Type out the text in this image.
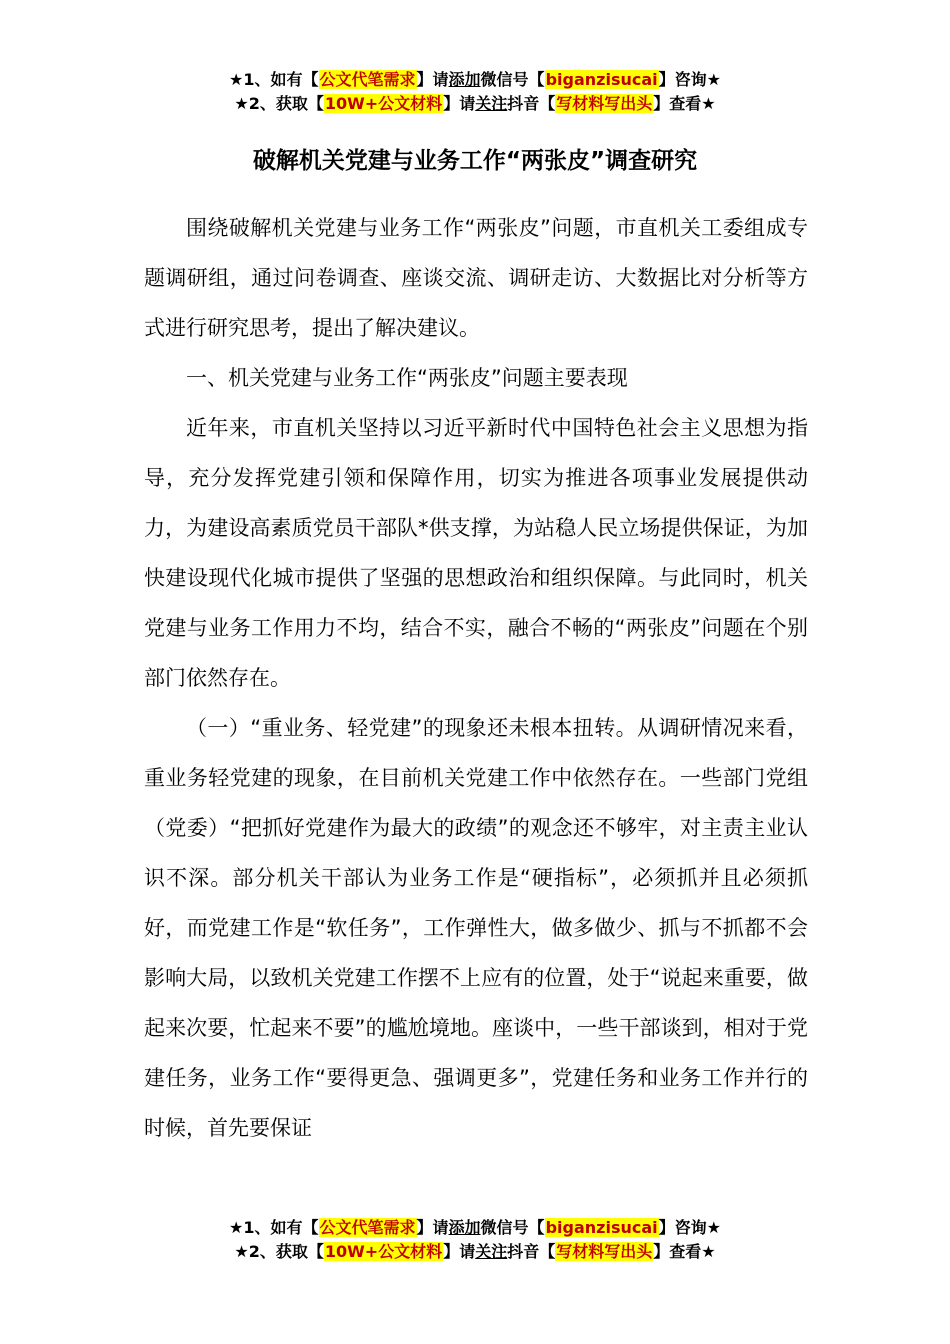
★1、如有【公文代笔需求】请添加微信号【biganzisucai】咨询★
★2、获取【10W+公文材料】请关注抖音【写材料写出头】查看★
破解机关党建与业务工作“两张皮”调查研究

围绕破解机关党建与业务工作“两张皮”问题，市直机关工委组成专题调研组，通过问卷调查、座谈交流、调研走访、大数据比对分析等方式进行研究思考，提出了解决建议。

一、机关党建与业务工作“两张皮”问题主要表现

近年来，市直机关坚持以习近平新时代中国特色社会主义思想为指导，充分发挥党建引领和保障作用，切实为推进各项事业发展提供动力，为建设高素质党员干部队*供支撑，为站稳人民立场提供保证，为加快建设现代化城市提供了坚强的思想政治和组织保障。与此同时，机关党建与业务工作用力不均，结合不实，融合不畅的“两张皮”问题在个别部门依然存在。

（一）“重业务、轻党建”的现象还未根本扭转。从调研情况来看，重业务轻党建的现象，在目前机关党建工作中依然存在。一些部门党组（党委）“把抓好党建作为最大的政绩”的观念还不够牢，对主责主业认识不深。部分机关干部认为业务工作是“硬指标”，必须抓并且必须抓好，而党建工作是“软任务”，工作弹性大，做多做少、抓与不抓都不会影响大局，以致机关党建工作摆不上应有的位置，处于“说起来重要，做起来次要，忙起来不要”的尴尬境地。座谈中，一些干部谈到，相对于党建任务，业务工作“要得更急、强调更多”，党建任务和业务工作并行的时候，首先要保证

★1、如有【公文代笔需求】请添加微信号【biganzisucai】咨询★
★2、获取【10W+公文材料】请关注抖音【写材料写出头】查看★
